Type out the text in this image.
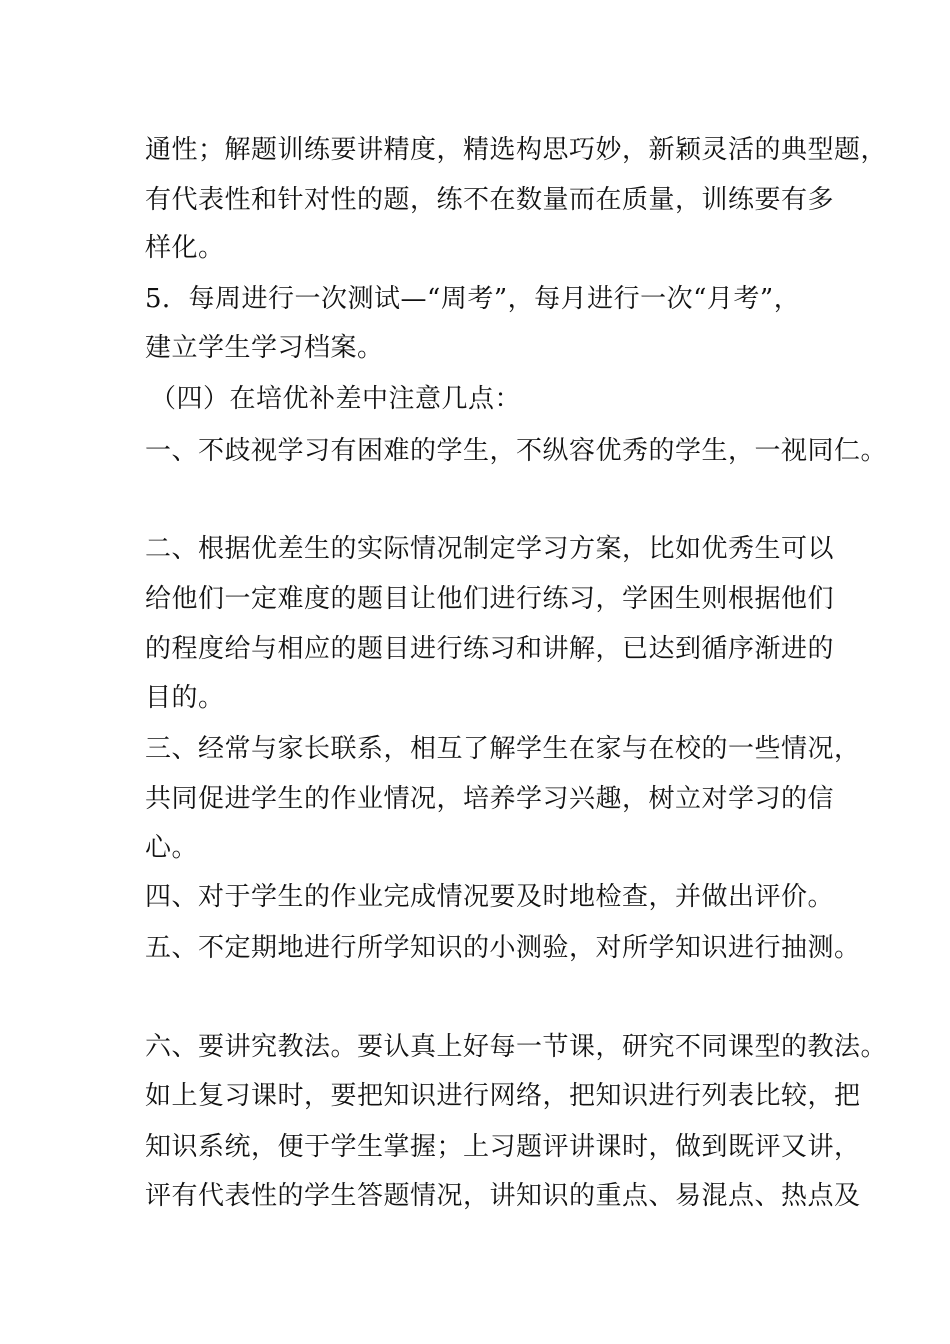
通性；解题训练要讲精度，精选构思巧妙，新颖灵活的典型题，
有代表性和针对性的题，练不在数量而在质量，训练要有多
样化。
5．每周进行一次测试—“周考”，每月进行一次“月考”，
建立学生学习档案。
（四）在培优补差中注意几点：
一、不歧视学习有困难的学生，不纵容优秀的学生，一视同仁。
二、根据优差生的实际情况制定学习方案，比如优秀生可以
给他们一定难度的题目让他们进行练习，学困生则根据他们
的程度给与相应的题目进行练习和讲解，已达到循序渐进的
目的。
三、经常与家长联系，相互了解学生在家与在校的一些情况，
共同促进学生的作业情况，培养学习兴趣，树立对学习的信
心。
四、对于学生的作业完成情况要及时地检查，并做出评价。
五、不定期地进行所学知识的小测验，对所学知识进行抽测。
六、要讲究教法。要认真上好每一节课，研究不同课型的教法。
如上复习课时，要把知识进行网络，把知识进行列表比较，把
知识系统，便于学生掌握；上习题评讲课时，做到既评又讲，
评有代表性的学生答题情况，讲知识的重点、易混点、热点及
